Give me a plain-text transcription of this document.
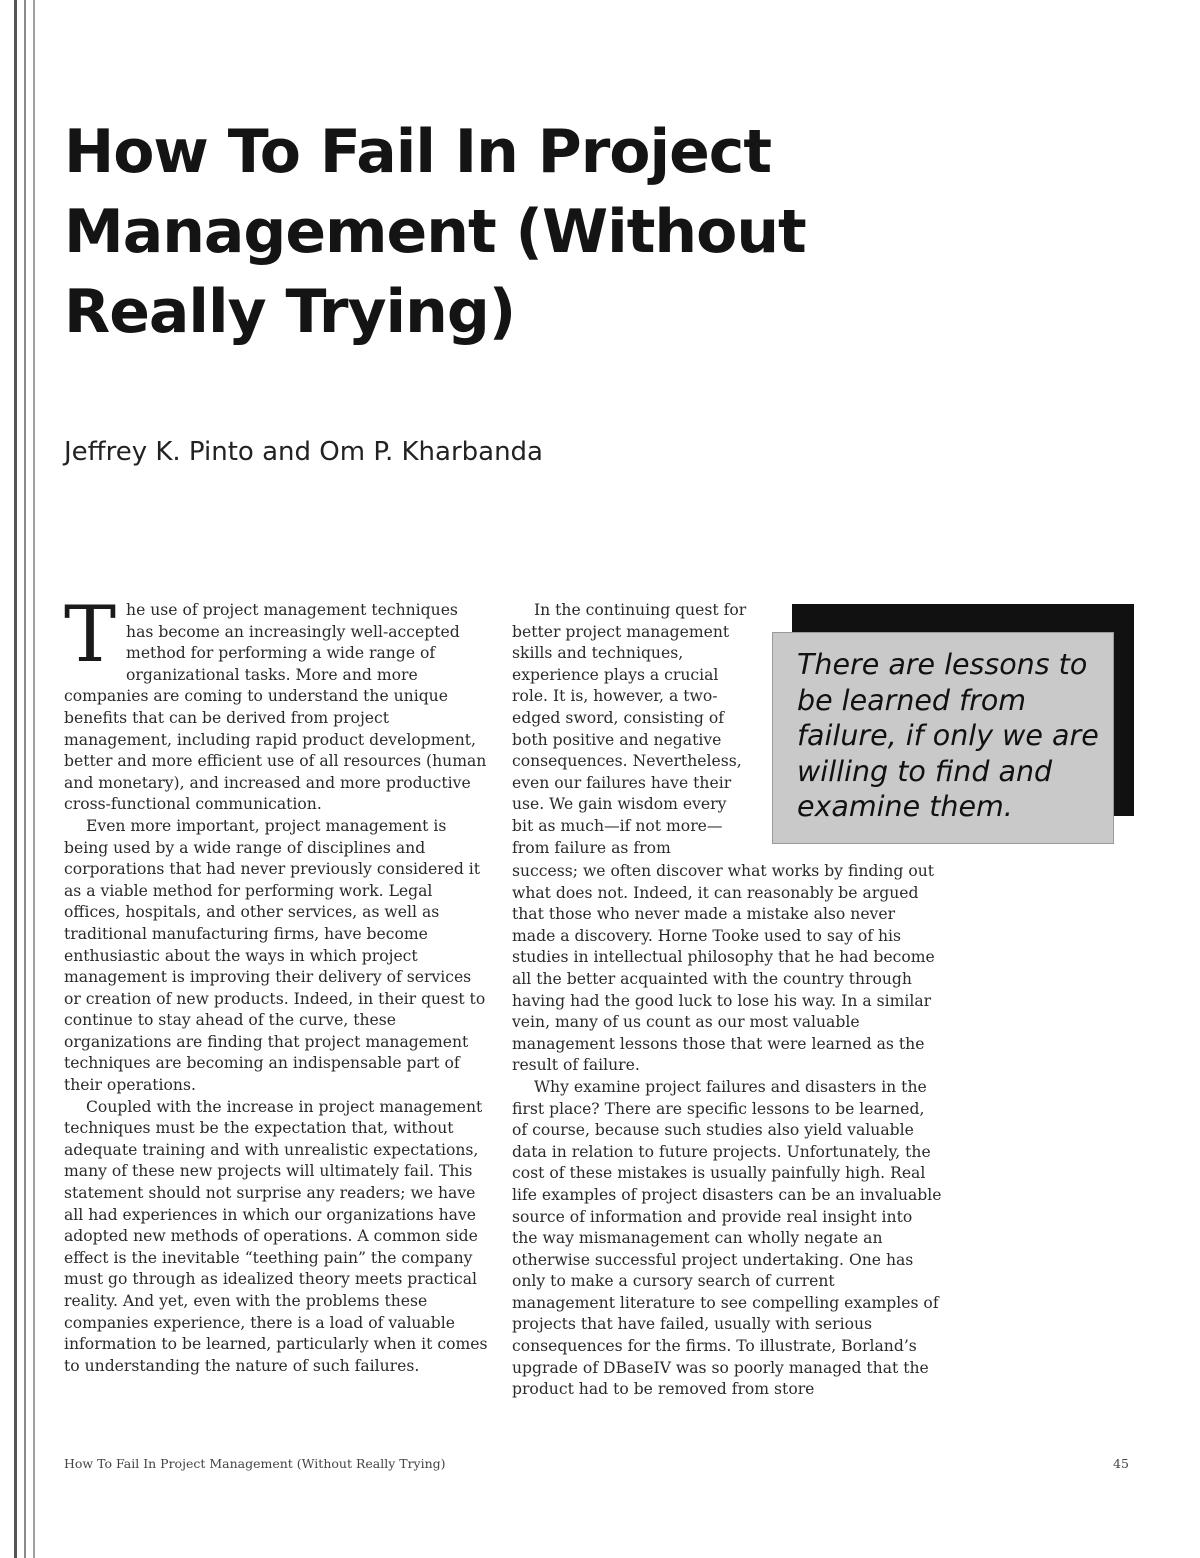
How To Fail In Project Management (Without Really Trying)
Jeffrey K. Pinto and Om P. Kharbanda

The use of project management techniques has become an increasingly well-accepted method for performing a wide range of organizational tasks. More and more companies are coming to understand the unique benefits that can be derived from project management, including rapid product development, better and more efficient use of all resources (human and monetary), and increased and more productive cross-functional communication.

Even more important, project management is being used by a wide range of disciplines and corporations that had never previously considered it as a viable method for performing work. Legal offices, hospitals, and other services, as well as traditional manufacturing firms, have become enthusiastic about the ways in which project management is improving their delivery of services or creation of new products. Indeed, in their quest to continue to stay ahead of the curve, these organizations are finding that project management techniques are becoming an indispensable part of their operations.

Coupled with the increase in project management techniques must be the expectation that, without adequate training and with unrealistic expectations, many of these new projects will ultimately fail. This statement should not surprise any readers; we have all had experiences in which our organizations have adopted new methods of operations. A common side effect is the inevitable “teething pain” the company must go through as idealized theory meets practical reality. And yet, even with the problems these companies experience, there is a load of valuable information to be learned, particularly when it comes to understanding the nature of such failures.

In the continuing quest for better project management skills and techniques, experience plays a crucial role. It is, however, a two-edged sword, consisting of both positive and negative consequences. Nevertheless, even our failures have their use. We gain wisdom every bit as much—if not more—from failure as from

There are lessons to be learned from failure, if only we are willing to find and examine them.

success; we often discover what works by finding out what does not. Indeed, it can reasonably be argued that those who never made a mistake also never made a discovery. Horne Tooke used to say of his studies in intellectual philosophy that he had become all the better acquainted with the country through having had the good luck to lose his way. In a similar vein, many of us count as our most valuable management lessons those that were learned as the result of failure.

Why examine project failures and disasters in the first place? There are specific lessons to be learned, of course, because such studies also yield valuable data in relation to future projects. Unfortunately, the cost of these mistakes is usually painfully high. Real life examples of project disasters can be an invaluable source of information and provide real insight into the way mismanagement can wholly negate an otherwise successful project undertaking. One has only to make a cursory search of current management literature to see compelling examples of projects that have failed, usually with serious consequences for the firms. To illustrate, Borland’s upgrade of DBaseIV was so poorly managed that the product had to be removed from store

How To Fail In Project Management (Without Really Trying)	45
